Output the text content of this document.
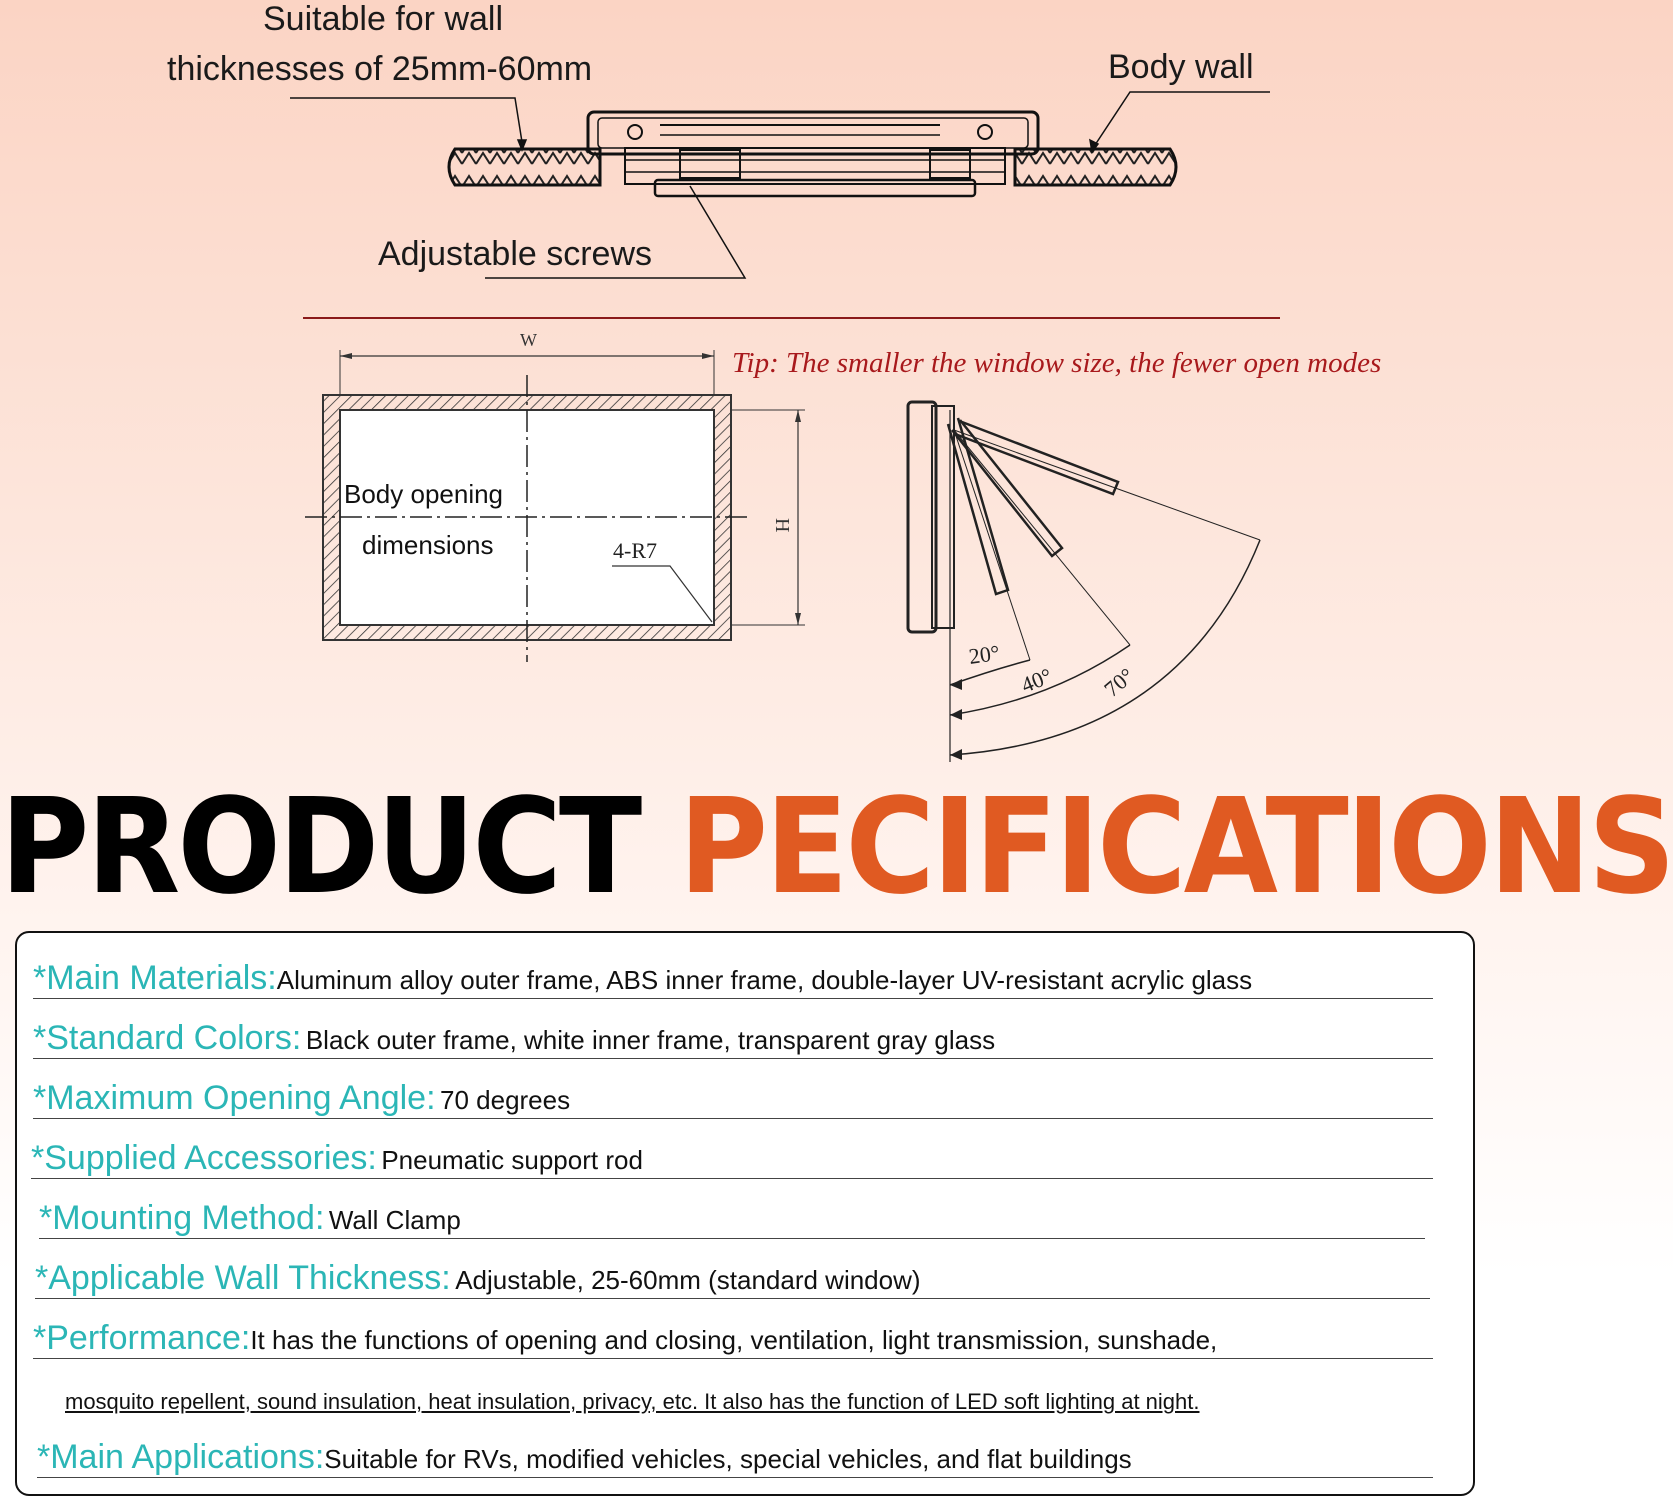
Suitable for wall
thicknesses of 25mm-60mm	Body wall
Adjustable screws
Tip: The smaller the window size, the fewer open modes
W
H
Body opening
dimensions	4-R7
20°
40° 70°
PRODUCT PECIFICATIONS
*Main Materials:Aluminum alloy outer frame, ABS inner frame, double-layer UV-resistant acrylic glass
*Standard Colors: Black outer frame, white inner frame, transparent gray glass
*Maximum Opening Angle: 70 degrees
*Supplied Accessories: Pneumatic support rod
*Mounting Method: Wall Clamp
*Applicable Wall Thickness: Adjustable, 25-60mm (standard window)
*Performance:It has the functions of opening and closing, ventilation, light transmission, sunshade,
mosquito repellent, sound insulation, heat insulation, privacy, etc. It also has the function of LED soft lighting at night.
*Main Applications:Suitable for RVs, modified vehicles, special vehicles, and flat buildings
